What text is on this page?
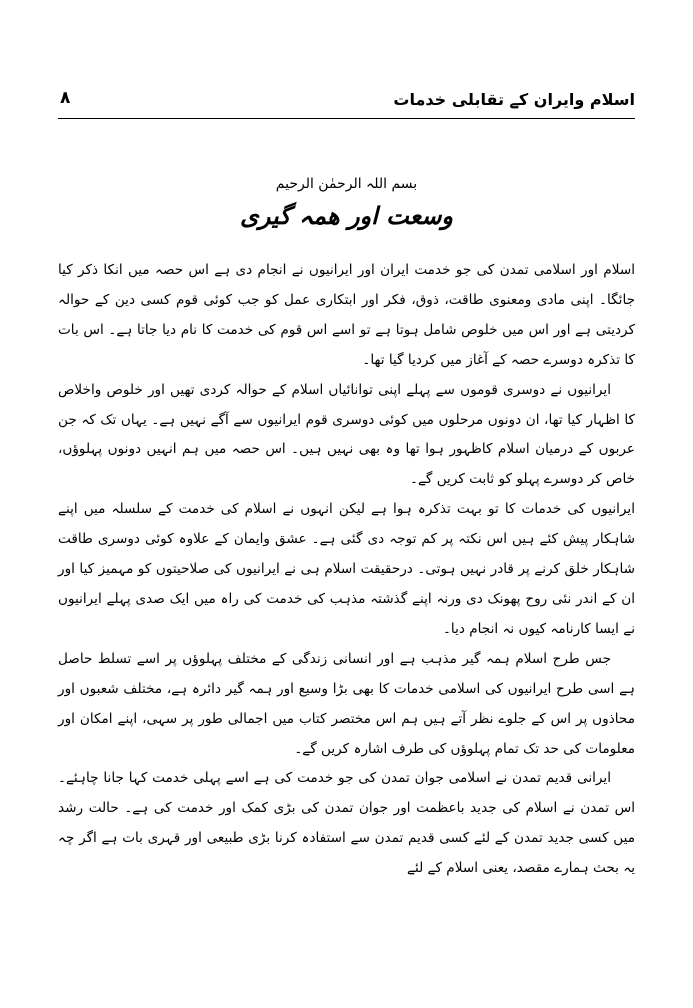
اسلام وایران کے تقابلی خدمات
۸
بسم اللہ الرحمٰن الرحیم
وسعت اور ھمہ گیری

اسلام اور اسلامی تمدن کی جو خدمت ایران اور ایرانیوں نے انجام دی ہے اس حصہ میں انکا ذکر کیا جائگا۔ اپنی مادی ومعنوی طاقت، ذوق، فکر اور ابتکاری عمل کو جب کوئی قوم کسی دین کے حوالہ کردیتی ہے اور اس میں خلوص شامل ہوتا ہے تو اسے اس قوم کی خدمت کا نام دیا جاتا ہے۔ اس بات کا تذکرہ دوسرے حصہ کے آغاز میں کردیا گیا تھا۔

ایرانیوں نے دوسری قوموں سے پہلے اپنی توانائیاں اسلام کے حوالہ کردی تھیں اور خلوص واخلاص کا اظہار کیا تھا، ان دونوں مرحلوں میں کوئی دوسری قوم ایرانیوں سے آگے نہیں ہے۔ یہاں تک کہ جن عربوں کے درمیان اسلام کاظہور ہوا تھا وہ بھی نہیں ہیں۔ اس حصہ میں ہم انہیں دونوں پہلوؤں، خاص کر دوسرے پہلو کو ثابت کریں گے۔

ایرانیوں کی خدمات کا تو بہت تذکرہ ہوا ہے لیکن انہوں نے اسلام کی خدمت کے سلسلہ میں اپنے شاہکار پیش کئے ہیں اس نکتہ پر کم توجہ دی گئی ہے۔ عشق وایمان کے علاوہ کوئی دوسری طاقت شاہکار خلق کرنے پر قادر نہیں ہوتی۔ درحقیقت اسلام ہی نے ایرانیوں کی صلاحیتوں کو مہمیز کیا اور ان کے اندر نئی روح پھونک دی ورنہ اپنے گذشتہ مذہب کی خدمت کی راہ میں ایک صدی پہلے ایرانیوں نے ایسا کارنامہ کیوں نہ انجام دیا۔

جس طرح اسلام ہمہ گیر مذہب ہے اور انسانی زندگی کے مختلف پہلوؤں پر اسے تسلط حاصل ہے اسی طرح ایرانیوں کی اسلامی خدمات کا بھی بڑا وسیع اور ہمہ گیر دائرہ ہے، مختلف شعبوں اور محاذوں پر اس کے جلوے نظر آتے ہیں ہم اس مختصر کتاب میں اجمالی طور پر سہی، اپنے امکان اور معلومات کی حد تک تمام پہلوؤں کی طرف اشارہ کریں گے۔

ایرانی قدیم تمدن نے اسلامی جوان تمدن کی جو خدمت کی ہے اسے پہلی خدمت کہا جانا چاہئے۔ اس تمدن نے اسلام کی جدید باعظمت اور جوان تمدن کی بڑی کمک اور خدمت کی ہے۔ حالت رشد میں کسی جدید تمدن کے لئے کسی قدیم تمدن سے استفادہ کرنا بڑی طبیعی اور قہری بات ہے اگر چہ یہ بحث ہمارے مقصد، یعنی اسلام کے لئے
